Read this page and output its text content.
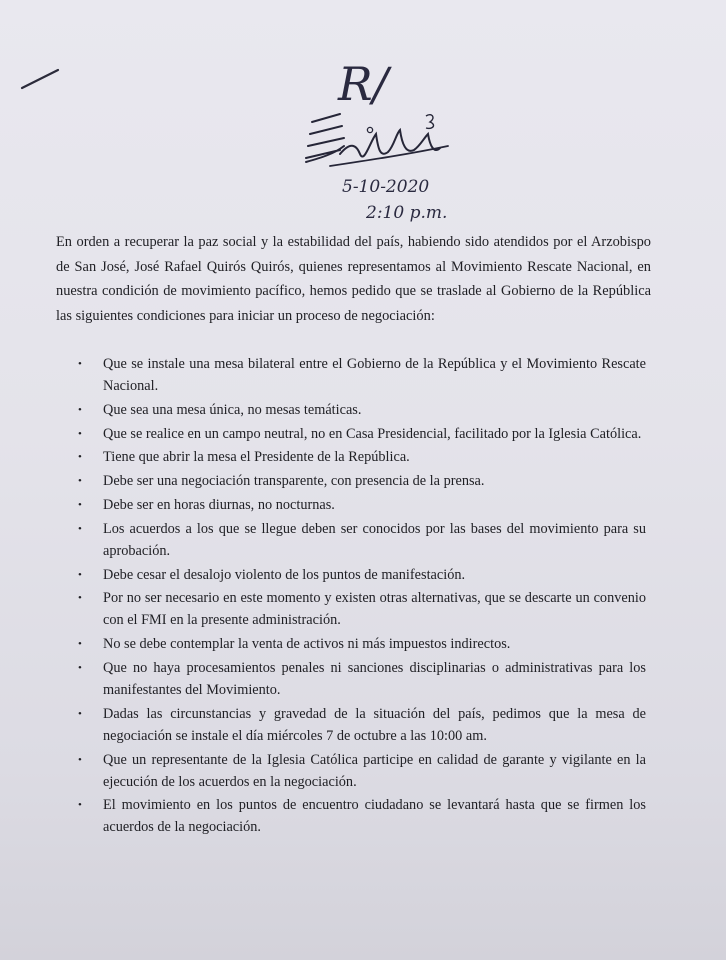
R/
Ezukirtof
5-10-2020
2:10 p.m.

En orden a recuperar la paz social y la estabilidad del país, habiendo sido atendidos por el Arzobispo de San José, José Rafael Quirós Quirós, quienes representamos al Movimiento Rescate Nacional, en nuestra condición de movimiento pacífico, hemos pedido que se traslade al Gobierno de la República las siguientes condiciones para iniciar un proceso de negociación:

• Que se instale una mesa bilateral entre el Gobierno de la República y el Movimiento Rescate Nacional.
• Que sea una mesa única, no mesas temáticas.
• Que se realice en un campo neutral, no en Casa Presidencial, facilitado por la Iglesia Católica.
• Tiene que abrir la mesa el Presidente de la República.
• Debe ser una negociación transparente, con presencia de la prensa.
• Debe ser en horas diurnas, no nocturnas.
• Los acuerdos a los que se llegue deben ser conocidos por las bases del movimiento para su aprobación.
• Debe cesar el desalojo violento de los puntos de manifestación.
• Por no ser necesario en este momento y existen otras alternativas, que se descarte un convenio con el FMI en la presente administración.
• No se debe contemplar la venta de activos ni más impuestos indirectos.
• Que no haya procesamientos penales ni sanciones disciplinarias o administrativas para los manifestantes del Movimiento.
• Dadas las circunstancias y gravedad de la situación del país, pedimos que la mesa de negociación se instale el día miércoles 7 de octubre a las 10:00 am.
• Que un representante de la Iglesia Católica participe en calidad de garante y vigilante en la ejecución de los acuerdos en la negociación.
• El movimiento en los puntos de encuentro ciudadano se levantará hasta que se firmen los acuerdos de la negociación.
